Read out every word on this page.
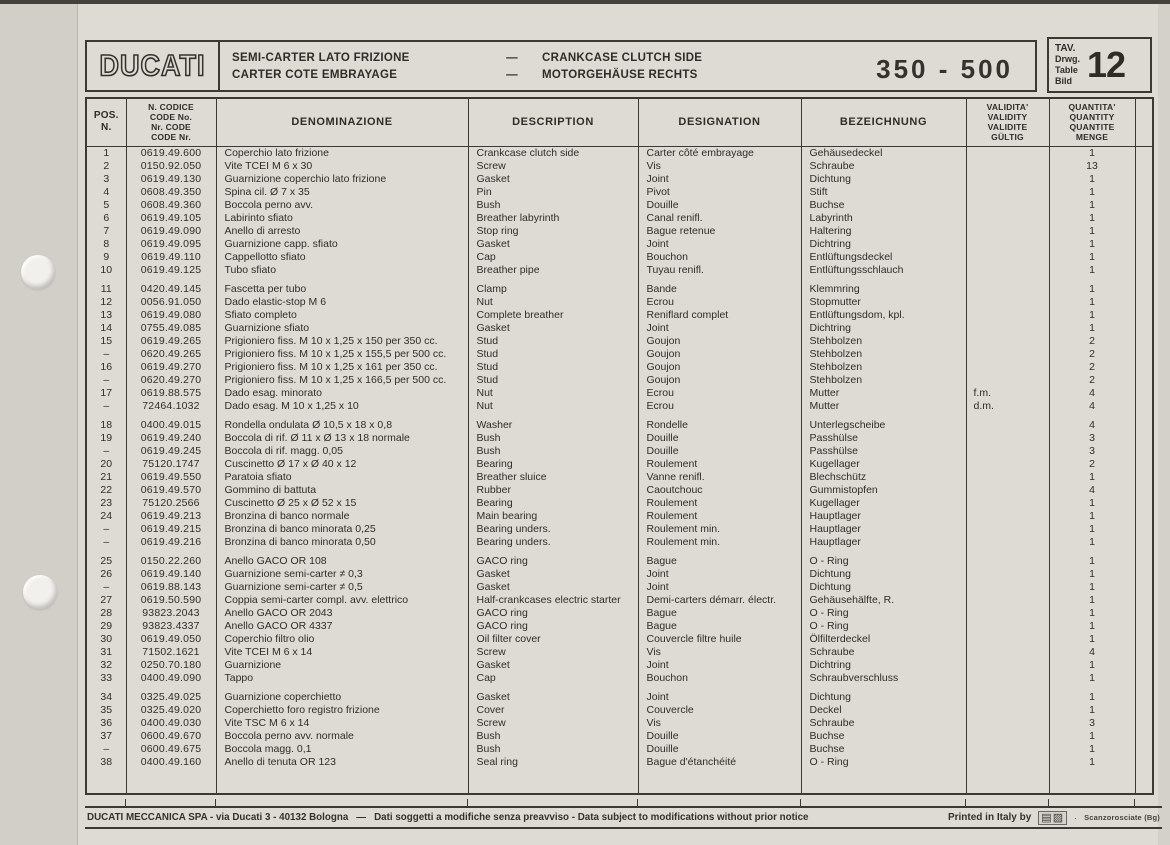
DUCATI SEMI-CARTER LATO FRIZIONE	—	CRANKCASE CLUTCH SIDE
CARTER COTE EMBRAYAGE	—	MOTORGEHÄUSE RECHTS	350 - 500
TAV.
Drwg.
Table
Bild 12
POS.
N.	N. CODICE
CODE No.
Nr. CODE
CODE Nr.	DENOMINAZIONE	DESCRIPTION	DESIGNATION	BEZEICHNUNG	VALIDITA'
VALIDITY
VALIDITE
GÜLTIG	QUANTITA'
QUANTITY
QUANTITE
MENGE	

1	0619.49.600	Coperchio lato frizione	Crankcase clutch side	Carter côté embrayage	Gehäusedeckel		1	
2	0150.92.050	Vite TCEI M 6 x 30	Screw	Vis	Schraube		13	
3	0619.49.130	Guarnizione coperchio lato frizione	Gasket	Joint	Dichtung		1	
4	0608.49.350	Spina cil. Ø 7 x 35	Pin	Pivot	Stift		1	
5	0608.49.360	Boccola perno avv.	Bush	Douille	Buchse		1	
6	0619.49.105	Labirinto sfiato	Breather labyrinth	Canal renifl.	Labyrinth		1	
7	0619.49.090	Anello di arresto	Stop ring	Bague retenue	Haltering		1	
8	0619.49.095	Guarnizione capp. sfiato	Gasket	Joint	Dichtring		1	
9	0619.49.110	Cappellotto sfiato	Cap	Bouchon	Entlüftungsdeckel		1	
10	0619.49.125	Tubo sfiato	Breather pipe	Tuyau renifl.	Entlüftungsschlauch		1	

11	0420.49.145	Fascetta per tubo	Clamp	Bande	Klemmring		1	
12	0056.91.050	Dado elastic-stop M 6	Nut	Ecrou	Stopmutter		1	
13	0619.49.080	Sfiato completo	Complete breather	Reniflard complet	Entlüftungsdom, kpl.		1	
14	0755.49.085	Guarnizione sfiato	Gasket	Joint	Dichtring		1	
15	0619.49.265	Prigioniero fiss. M 10 x 1,25 x 150 per 350 cc.	Stud	Goujon	Stehbolzen		2	
–	0620.49.265	Prigioniero fiss. M 10 x 1,25 x 155,5 per 500 cc.	Stud	Goujon	Stehbolzen		2	
16	0619.49.270	Prigioniero fiss. M 10 x 1,25 x 161 per 350 cc.	Stud	Goujon	Stehbolzen		2	
–	0620.49.270	Prigioniero fiss. M 10 x 1,25 x 166,5 per 500 cc.	Stud	Goujon	Stehbolzen		2	
17	0619.88.575	Dado esag. minorato	Nut	Ecrou	Mutter	f.m.	4	
–	72464.1032	Dado esag. M 10 x 1,25 x 10	Nut	Ecrou	Mutter	d.m.	4	

18	0400.49.015	Rondella ondulata Ø 10,5 x 18 x 0,8	Washer	Rondelle	Unterlegscheibe		4	
19	0619.49.240	Boccola di rif. Ø 11 x Ø 13 x 18 normale	Bush	Douille	Passhülse		3	
–	0619.49.245	Boccola di rif. magg. 0,05	Bush	Douille	Passhülse		3	
20	75120.1747	Cuscinetto Ø 17 x Ø 40 x 12	Bearing	Roulement	Kugellager		2	
21	0619.49.550	Paratoia sfiato	Breather sluice	Vanne renifl.	Blechschütz		1	
22	0619.49.570	Gommino di battuta	Rubber	Caoutchouc	Gummistopfen		4	
23	75120.2566	Cuscinetto Ø 25 x Ø 52 x 15	Bearing	Roulement	Kugellager		1	
24	0619.49.213	Bronzina di banco normale	Main bearing	Roulement	Hauptlager		1	
–	0619.49.215	Bronzina di banco minorata 0,25	Bearing unders.	Roulement min.	Hauptlager		1	
–	0619.49.216	Bronzina di banco minorata 0,50	Bearing unders.	Roulement min.	Hauptlager		1	

25	0150.22.260	Anello GACO OR 108	GACO ring	Bague	O - Ring		1	
26	0619.49.140	Guarnizione semi-carter ≠ 0,3	Gasket	Joint	Dichtung		1	
–	0619.88.143	Guarnizione semi-carter ≠ 0,5	Gasket	Joint	Dichtung		1	
27	0619.50.590	Coppia semi-carter compl. avv. elettrico	Half-crankcases electric starter	Demi-carters démarr. électr.	Gehäusehälfte, R.		1	
28	93823.2043	Anello GACO OR 2043	GACO ring	Bague	O - Ring		1	
29	93823.4337	Anello GACO OR 4337	GACO ring	Bague	O - Ring		1	
30	0619.49.050	Coperchio filtro olio	Oil filter cover	Couvercle filtre huile	Ölfilterdeckel		1	
31	71502.1621	Vite TCEI M 6 x 14	Screw	Vis	Schraube		4	
32	0250.70.180	Guarnizione	Gasket	Joint	Dichtring		1	
33	0400.49.090	Tappo	Cap	Bouchon	Schraubverschluss		1	

34	0325.49.025	Guarnizione coperchietto	Gasket	Joint	Dichtung		1	
35	0325.49.020	Coperchietto foro registro frizione	Cover	Couvercle	Deckel		1	
36	0400.49.030	Vite TSC M 6 x 14	Screw	Vis	Schraube		3	
37	0600.49.670	Boccola perno avv. normale	Bush	Douille	Buchse		1	
–	0600.49.675	Boccola magg. 0,1	Bush	Douille	Buchse		1	
38	0400.49.160	Anello di tenuta OR 123	Seal ring	Bague d'étanchéité	O - Ring		1	

DUCATI MECCANICA SPA - via Ducati 3 - 40132 Bologna — Dati soggetti a modifiche senza preavviso - Data subject to modifications without prior notice	Printed in Italy by ▤▨	· Scanzorosciate (Bg)
